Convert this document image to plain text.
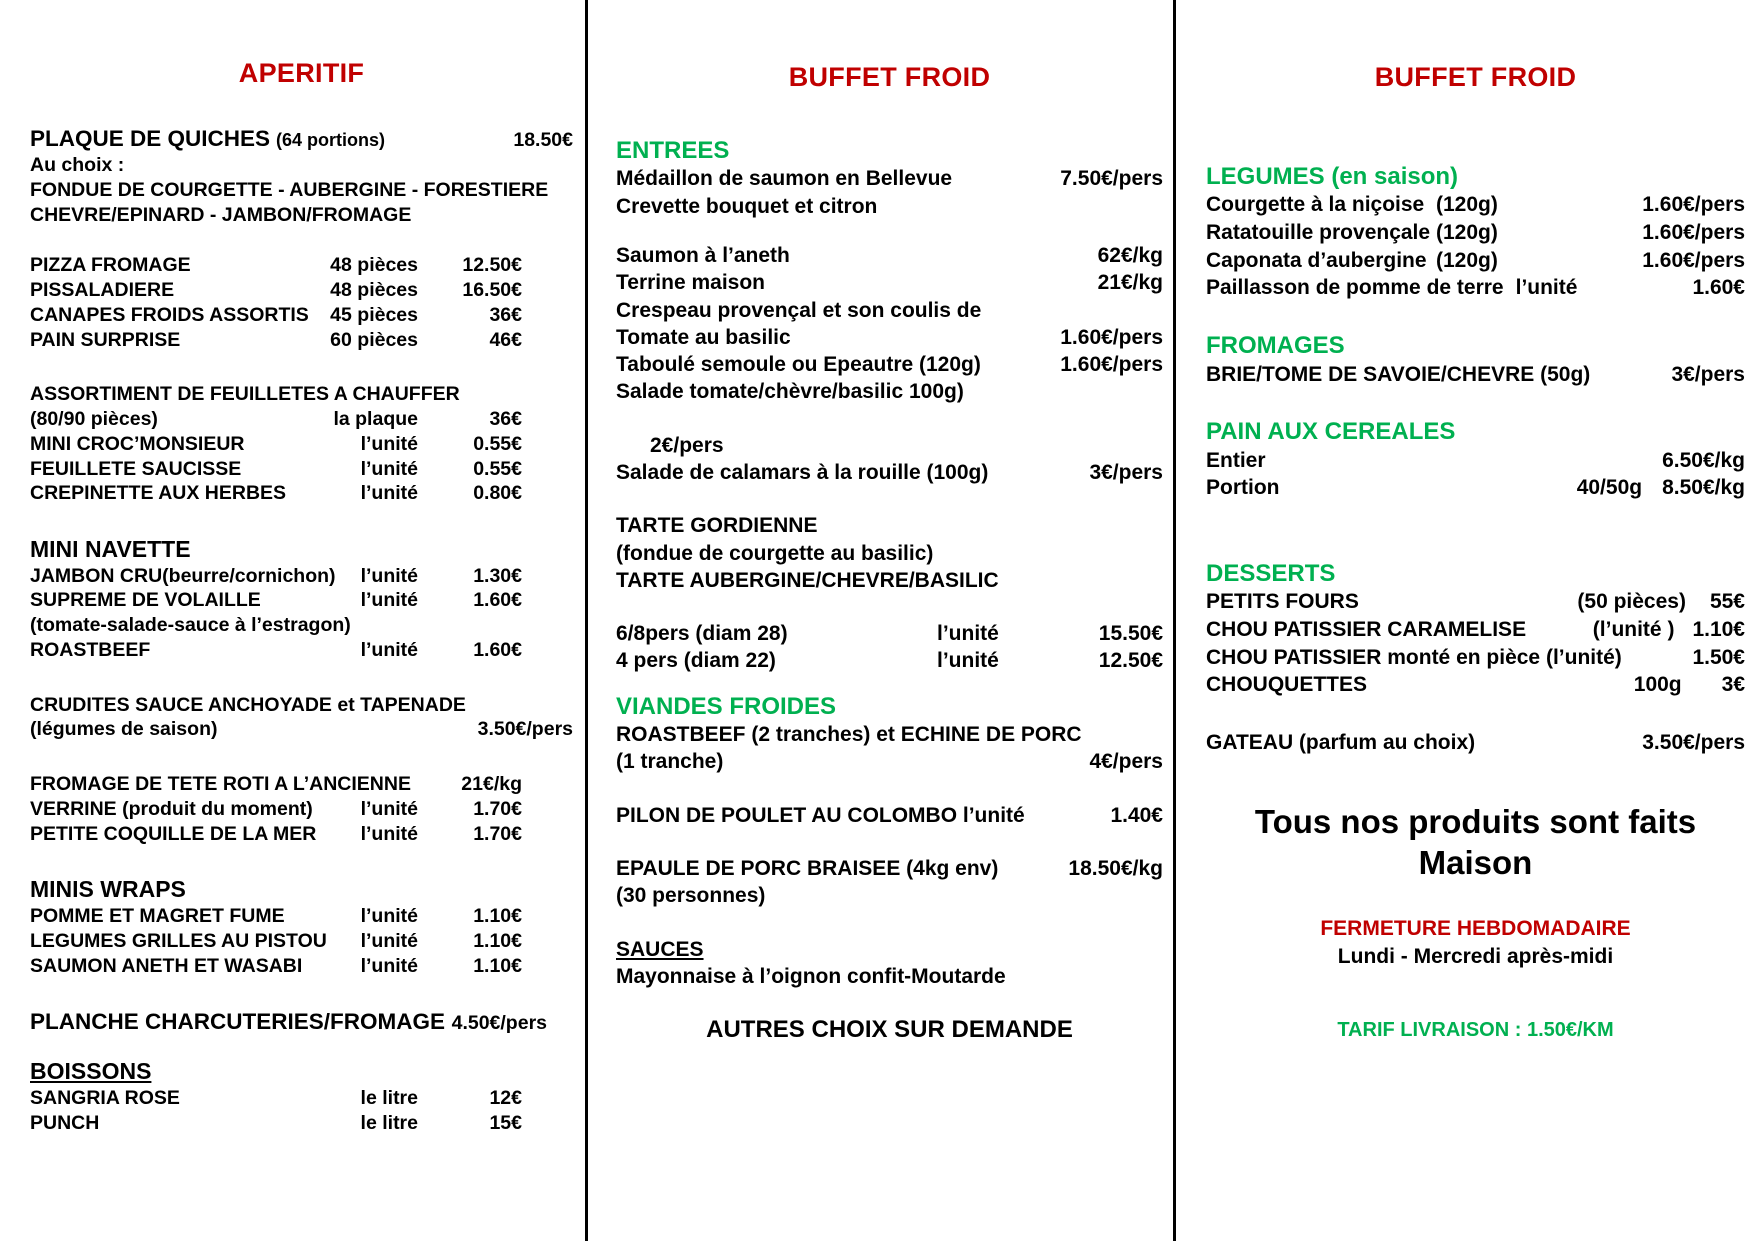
APERITIF
PLAQUE DE QUICHES (64 portions)	18.50€
Au choix :
FONDUE DE COURGETTE - AUBERGINE - FORESTIERE
CHEVRE/EPINARD - JAMBON/FROMAGE
PIZZA FROMAGE	48 pièces	12.50€
PISSALADIERE	48 pièces	16.50€
CANAPES FROIDS ASSORTIS	45 pièces	36€
PAIN SURPRISE	60 pièces	46€
ASSORTIMENT DE FEUILLETES A CHAUFFER
(80/90 pièces)	la plaque	36€
MINI CROC’MONSIEUR	l’unité	0.55€
FEUILLETE SAUCISSE	l’unité	0.55€
CREPINETTE AUX HERBES	l’unité	0.80€
MINI NAVETTE
JAMBON CRU(beurre/cornichon)	l’unité	1.30€
SUPREME DE VOLAILLE	l’unité	1.60€
(tomate-salade-sauce à l’estragon)
ROASTBEEF	l’unité	1.60€
CRUDITES SAUCE ANCHOYADE et TAPENADE
(légumes de saison)	3.50€/pers
FROMAGE DE TETE ROTI A L’ANCIENNE	21€/kg
VERRINE (produit du moment)	l’unité	1.70€
PETITE COQUILLE DE LA MER	l’unité	1.70€
MINIS WRAPS
POMME ET MAGRET FUME	l’unité	1.10€
LEGUMES GRILLES AU PISTOU	l’unité	1.10€
SAUMON ANETH ET WASABI	l’unité	1.10€
PLANCHE CHARCUTERIES/FROMAGE 4.50€/pers
BOISSONS
SANGRIA ROSE	le litre	12€
PUNCH	le litre	15€
BUFFET FROID
ENTREES
Médaillon de saumon en Bellevue	7.50€/pers
Crevette bouquet et citron
Saumon à l’aneth	62€/kg
Terrine maison	21€/kg
Crespeau provençal et son coulis de
Tomate au basilic	1.60€/pers
Taboulé semoule ou Epeautre (120g)	1.60€/pers
Salade tomate/chèvre/basilic 100g)
2€/pers
Salade de calamars à la rouille (100g)	3€/pers
TARTE GORDIENNE
(fondue de courgette au basilic)
TARTE AUBERGINE/CHEVRE/BASILIC
6/8pers (diam 28)	l’unité	15.50€
4 pers (diam 22)	l’unité	12.50€
VIANDES FROIDES
ROASTBEEF (2 tranches) et ECHINE DE PORC
(1 tranche)	4€/pers
PILON DE POULET AU COLOMBO l’unité	1.40€
EPAULE DE PORC BRAISEE (4kg env)	18.50€/kg
(30 personnes)
SAUCES
Mayonnaise à l’oignon confit-Moutarde
AUTRES CHOIX SUR DEMANDE
BUFFET FROID
LEGUMES (en saison)
Courgette à la niçoise (120g)	1.60€/pers
Ratatouille provençale (120g)	1.60€/pers
Caponata d’aubergine (120g)	1.60€/pers
Paillasson de pomme de terre l’unité	1.60€
FROMAGES
BRIE/TOME DE SAVOIE/CHEVRE (50g)	3€/pers
PAIN AUX CEREALES
Entier	6.50€/kg
Portion	40/50g 8.50€/kg
DESSERTS
PETITS FOURS	(50 pièces)	55€
CHOU PATISSIER CARAMELISE	(l’unité ) 1.10€
CHOU PATISSIER monté en pièce (l’unité)	1.50€
CHOUQUETTES	100g	3€
GATEAU (parfum au choix)	3.50€/pers
Tous nos produits sont faits
Maison
FERMETURE HEBDOMADAIRE
Lundi - Mercredi après-midi
TARIF LIVRAISON : 1.50€/KM
